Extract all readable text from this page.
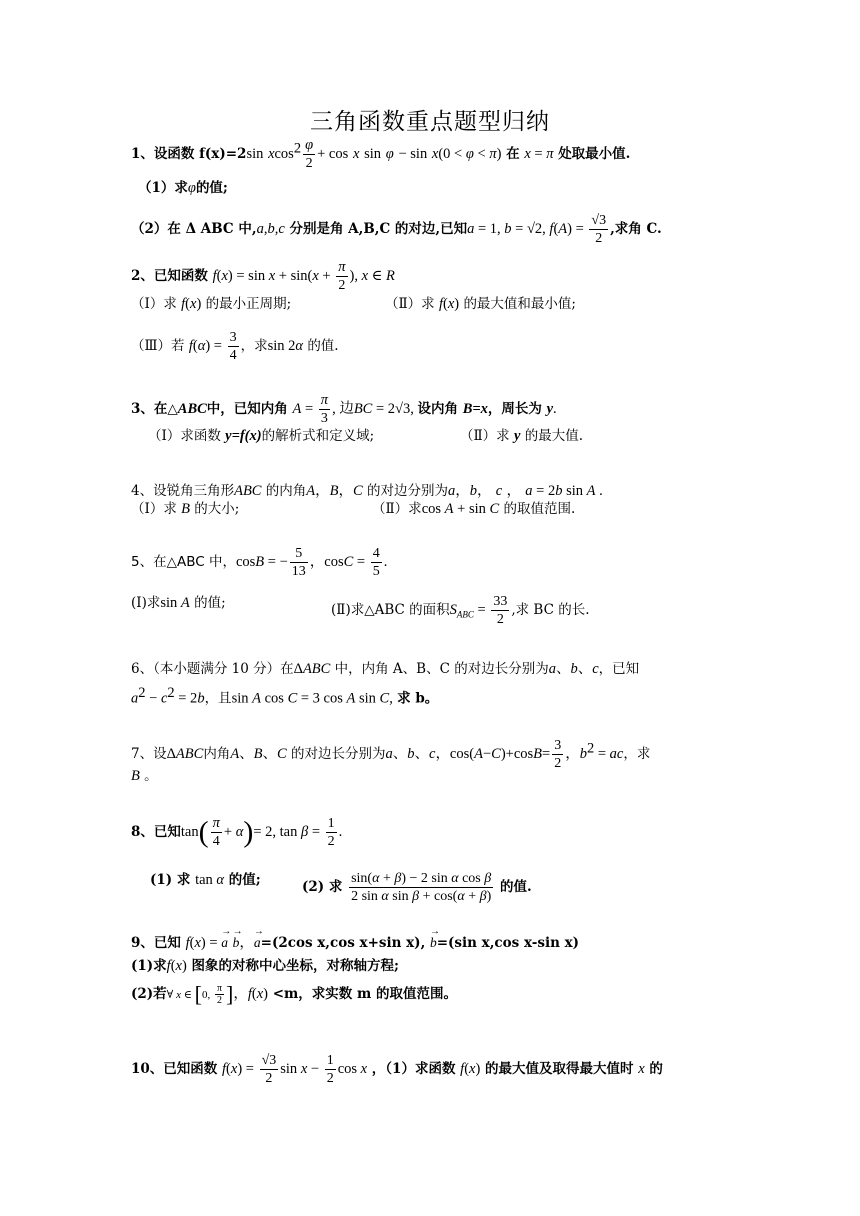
三角函数重点题型归纳
1、设函数 f(x)=2sin $xcos^2 \frac{\varphi}{2} + \cos x$ sin φ − sin x(0 < φ < π) 在 x = π 处取最小值.
（1）求φ的值;
（2）在 Δ ABC 中,a,b,c 分别是角 A,B,C 的对边,已知a = 1, b = √2, $f(A) = \frac{√3}{2}$ ,求角 C.
2、已知函数 $f(x) = \sin x + \sin(x + \frac{\pi}{2}$ ), x ∈ R
（Ⅰ）求 f(x) 的最小正周期;	（Ⅱ）求 f(x) 的最大值和最小值;
（Ⅲ）若 $f(\alpha) = \frac{3}{4}$ ，求sin 2α 的值.
3、在△ABC中，已知内角 $A = \frac{\pi}{3}$ , 边BC = 2√3, 设内角 B=x，周长为 y.
（Ⅰ）求函数 y=f(x)的解析式和定义域;	（Ⅱ）求 y 的最大值.
4、设锐角三角形ABC 的内角A，B，C 的对边分别为a，b， c ， a = 2b sin A .
（Ⅰ）求 B 的大小;	（Ⅱ）求cos A + sin C 的取值范围.
5、在△ABC 中，cosB = − $\frac{5}{13}$ ，$\cos C = \frac{4}{5}$ .
(Ⅰ)求sin A 的值;	(Ⅱ)求△ABC 的面积$S_{ABC} = \frac{33}{2}$ ,求 BC 的长.
6、（本小题满分 10 分）在ΔABC 中，内角 A、B、C 的对边长分别为a、b、c，已知
$a^2 - c^2 = 2b$，且sin A cos C = 3 cos A sin C, 求 b。
7、设ΔABC内角A、B、C 的对边长分别为a、b、c，$\cos(A-C)+\cos B= \frac{3}{2}$ ，$b^2$ = ac，求
B 。
8、已知$\tan( \frac{\pi}{4} + \alpha)= 2$, $\tan \beta = \frac{1}{2}$ .
(1) 求 tan α 的值;	(2) 求 $\frac{\text{sin(α + β) − 2 sin α cos β}}{\text{2 sin α sin β + cos(α + β)}}$ 的值.
9、已知 f(x) = → a → b，→ a=(2cos x,cos x+sin x), → b=(sin x,cos x-sin x)
(1)求f(x) 图象的对称中心坐标，对称轴方程;
(2)若∀ x ∈ [0, $\frac{\pi}{2}$ ]，f(x) <m，求实数 m 的取值范围。
10、已知函数 $f(x) = \frac{√3}{2}$ $\sin x - \frac{1}{2}$ cos x ，（1）求函数 f(x) 的最大值及取得最大值时 x 的
